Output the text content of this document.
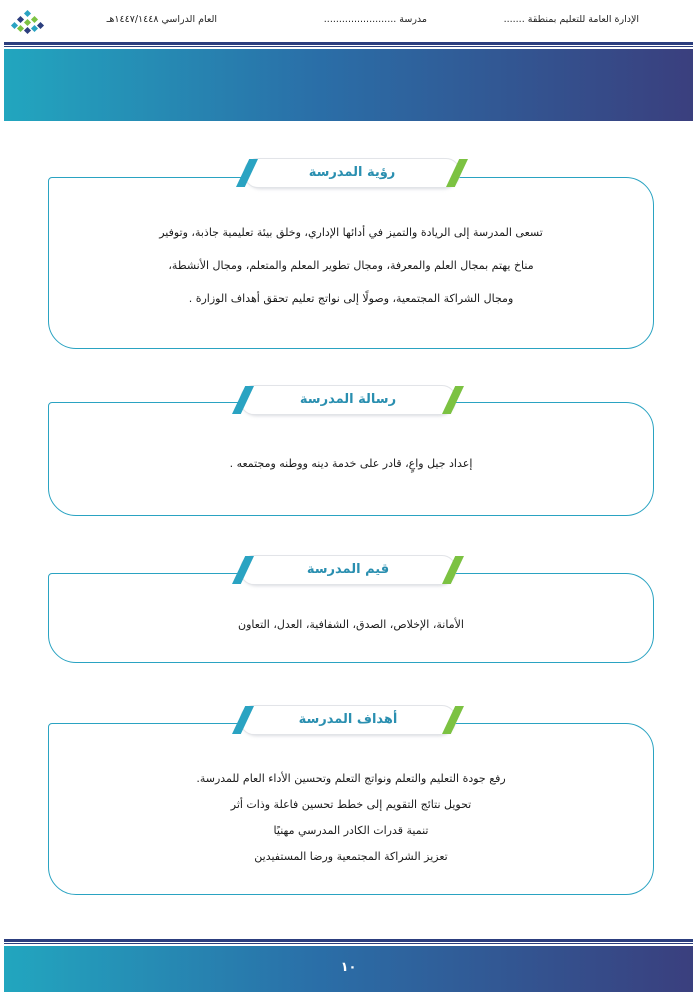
الإدارة العامة للتعليم بمنطقة .......
مدرسة ........................
العام الدراسي ١٤٤٧/١٤٤٨هـ

تسعى المدرسة إلى الريادة والتميز في أدائها الإداري، وخلق بيئة تعليمية جاذبة، وتوفير

مناخ يهتم بمجال العلم والمعرفة، ومجال تطوير المعلم والمتعلم، ومجال الأنشطة،

ومجال الشراكة المجتمعية، وصولًا إلى نواتج تعليم تحقق أهداف الوزارة .

رؤية المدرسة

إعداد جيل واعٍ، قادر على خدمة دينه ووطنه ومجتمعه .

رسالة المدرسة

الأمانة، الإخلاص، الصدق، الشفافية، العدل، التعاون

قيم المدرسة

رفع جودة التعليم والتعلم ونواتج التعلم وتحسين الأداء العام للمدرسة.

تحويل نتائج التقويم إلى خطط تحسين فاعلة وذات أثر

تنمية قدرات الكادر المدرسي مهنيًا

تعزيز الشراكة المجتمعية ورضا المستفيدين

أهداف المدرسة
١٠
